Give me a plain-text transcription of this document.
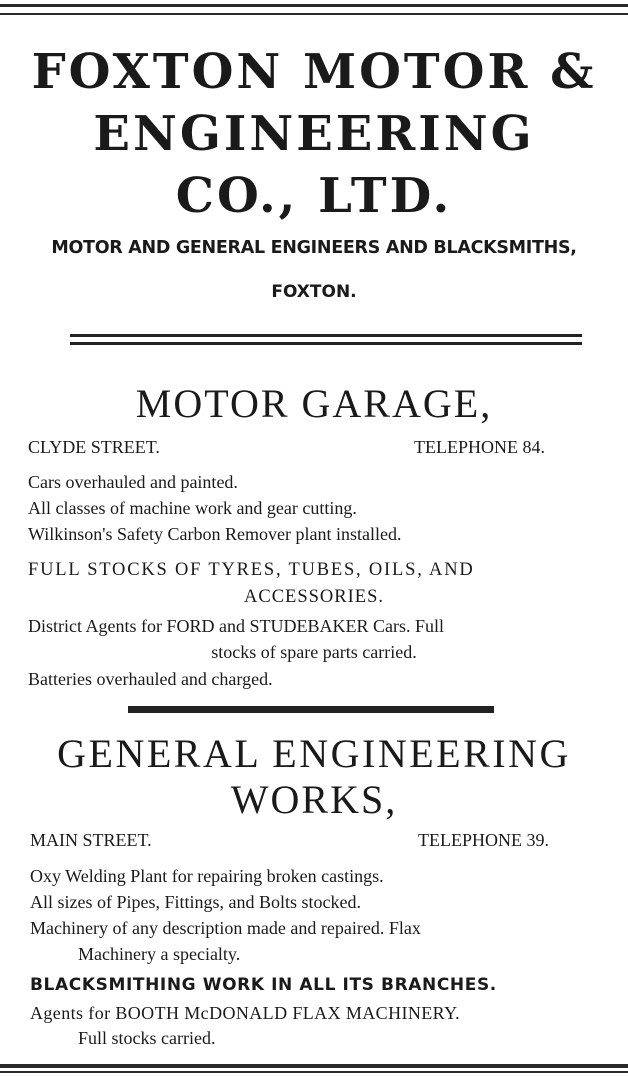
FOXTON MOTOR &
ENGINEERING
CO., LTD.
MOTOR AND GENERAL ENGINEERS AND BLACKSMITHS,
FOXTON.
MOTOR GARAGE,
CLYDE STREET.	TELEPHONE 84.
Cars overhauled and painted.
All classes of machine work and gear cutting.
Wilkinson's Safety Carbon Remover plant installed.
FULL STOCKS OF TYRES, TUBES, OILS, AND
ACCESSORIES.
District Agents for FORD and STUDEBAKER Cars. Full
stocks of spare parts carried.
Batteries overhauled and charged.
GENERAL ENGINEERING
WORKS,
MAIN STREET.	TELEPHONE 39.
Oxy Welding Plant for repairing broken castings.
All sizes of Pipes, Fittings, and Bolts stocked.
Machinery of any description made and repaired. Flax
Machinery a specialty.
BLACKSMITHING WORK IN ALL ITS BRANCHES.
Agents for BOOTH McDONALD FLAX MACHINERY.
Full stocks carried.
